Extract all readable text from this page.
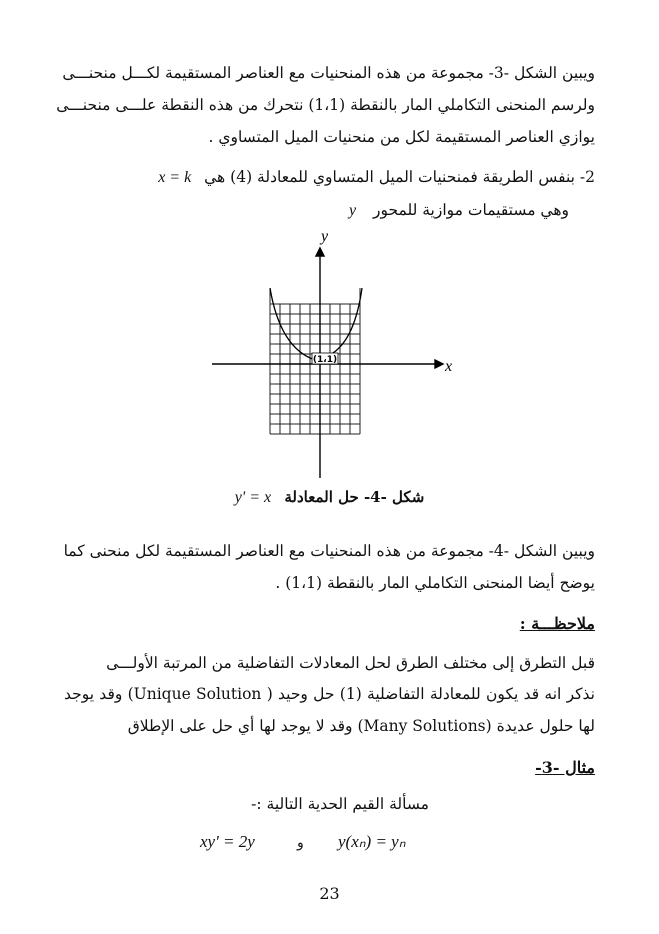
ويبين الشكل -3- مجموعة من هذه المنحنيات مع العناصر المستقيمة لكـــل منحنـــى
ولرسم المنحنى التكاملي المار بالنقطة (1،1) نتحرك من هذه النقطة علـــى منحنـــى
يوازي العناصر المستقيمة لكل من منحنيات الميل المتساوي .
2- بنفس الطريقة فمنحنيات الميل المتساوي للمعادلة (4) هي x = k
وهي مستقيمات موازية للمحور y
y
x
(1،1)
شكل -4- حل المعادلة y' = x
ويبين الشكل -4- مجموعة من هذه المنحنيات مع العناصر المستقيمة لكل منحنى كما
يوضح أيضا المنحنى التكاملي المار بالنقطة (1،1) .
ملاحظـــة :
قبل التطرق إلى مختلف الطرق لحل المعادلات التفاضلية من المرتبة الأولـــى
نذكر انه قد يكون للمعادلة التفاضلية (1) حل وحيد ( Unique Solution) وقد يوجد
لها حلول عديدة (Many Solutions) وقد لا يوجد لها أي حل على الإطلاق
مثال -3-
مسألة القيم الحدية التالية :-
xy' = 2y	و y(xₙ) = yₙ
23
